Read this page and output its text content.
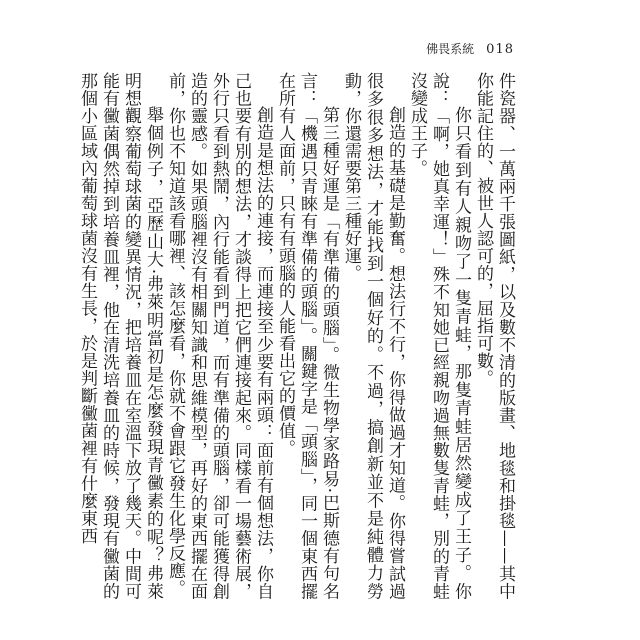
佛畏系統 018

件瓷器、一萬兩千張圖紙，以及數不清的版畫、地毯和掛毯——其中你能記住的、被世人認可的，屈指可數。

你只看到有人親吻了一隻青蛙，那隻青蛙居然變成了王子。你說：「啊，她真幸運！」殊不知她已經親吻過無數隻青蛙，別的青蛙沒變成王子。

創造的基礎是勤奮。想法行不行，你得做過才知道。你得嘗試過很多很多想法，才能找到一個好的。不過，搞創新並不是純體力勞動，你還需要第三種好運。

第三種好運是「有準備的頭腦」。微生物學家路易·巴斯德有句名言：「機遇只青睞有準備的頭腦」。關鍵字是「頭腦」，同一個東西擺在所有人面前，只有有頭腦的人能看出它的價值。

創造是想法的連接，而連接至少要有兩頭：面前有個想法，你自己也要有別的想法，才談得上把它們連接起來。同樣看一場藝術展，外行只看到熱鬧，內行能看到門道，而有準備的頭腦，卻可能獲得創造的靈感。如果頭腦裡沒有相關知識和思維模型，再好的東西擺在面前，你也不知道該看哪裡、該怎麼看，你就不會跟它發生化學反應。

舉個例子，亞歷山大·弗萊明當初是怎麼發現青黴素的呢？弗萊明想觀察葡萄球菌的變異情況，把培養皿在室溫下放了幾天。中間可能有黴菌偶然掉到培養皿裡，他在清洗培養皿的時候，發現有黴菌的那個小區域內葡萄球菌沒有生長，於是判斷黴菌裡有什麼東西
